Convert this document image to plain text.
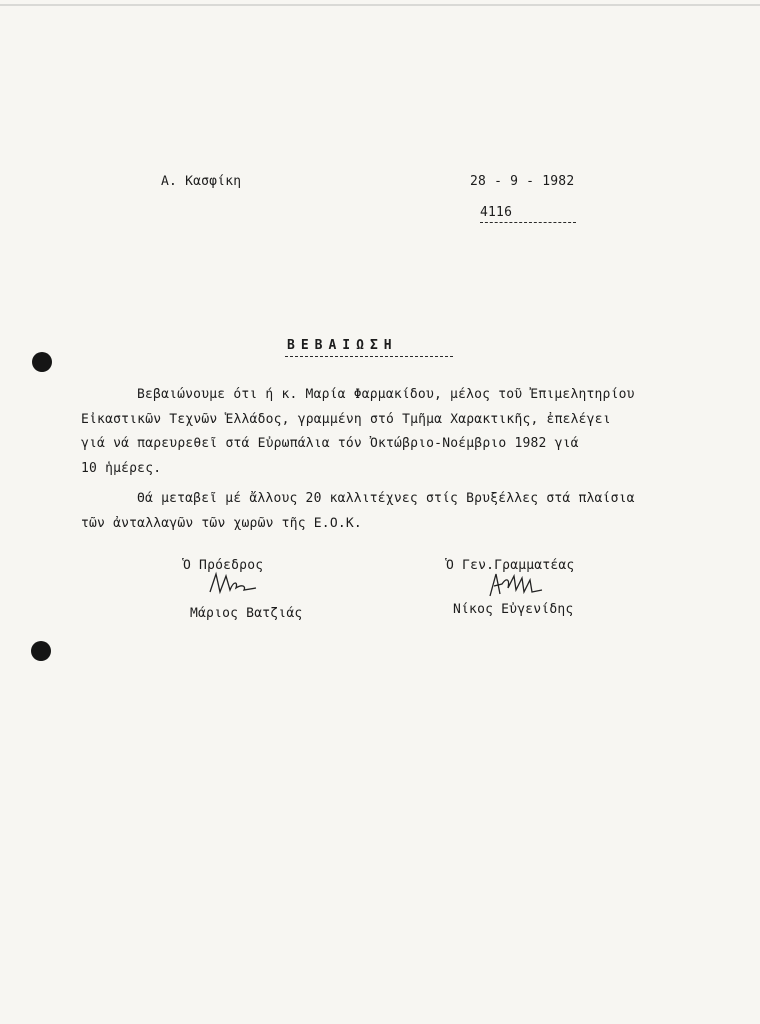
Α. Κασφίκη	28 - 9 - 1982
4116
ΒΕΒΑΙΩΣΗ
Βεβαιώνουμε ότι ή κ. Μαρία Φαρμακίδου, μέλος τοῦ Ἐπιμελητηρίου
Εἰκαστικῶν Τεχνῶν Ἑλλάδος, γραμμένη στό Τμῆμα Χαρακτικῆς, ἐπελέγει
γιά νά παρευρεθεῖ στά Εὐρωπάλια τόν Ὀκτώβριο-Νοέμβριο 1982 γιά
10 ἡμέρες.
Θά μεταβεῖ μέ ἄλλους 20 καλλιτέχνες στίς Βρυξέλλες στά πλαίσια
τῶν ἀνταλλαγῶν τῶν χωρῶν τῆς Ε.Ο.Κ.
Ὁ Πρόεδρος
Μάριος Βατζιάς
Ὁ Γεν.Γραμματέας
Νίκος Εὐγενίδης
